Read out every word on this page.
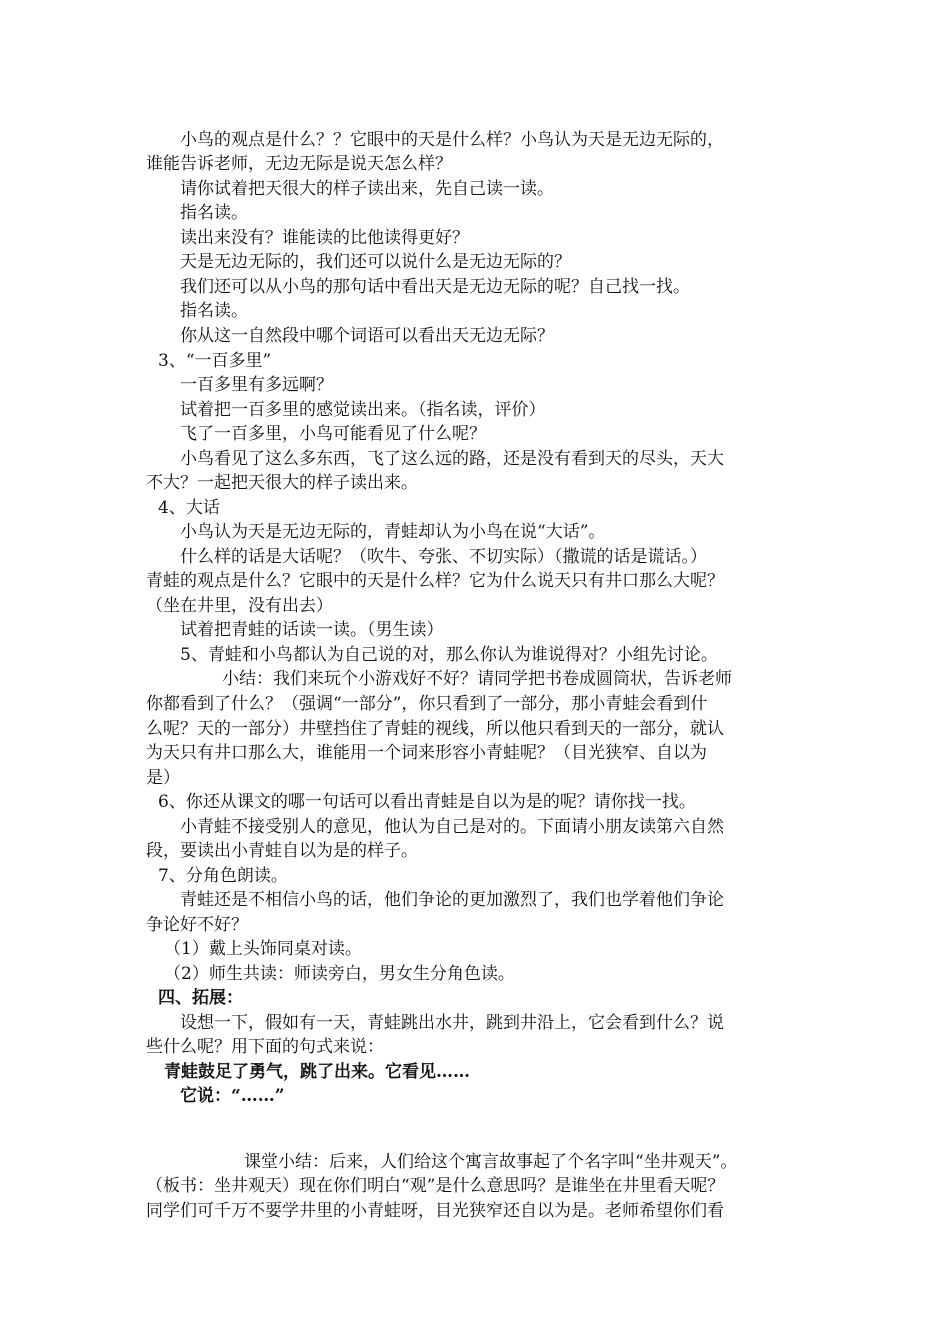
小鸟的观点是什么？？它眼中的天是什么样？小鸟认为天是无边无际的，
谁能告诉老师，无边无际是说天怎么样？
请你试着把天很大的样子读出来，先自己读一读。
指名读。
读出来没有？谁能读的比他读得更好？
天是无边无际的，我们还可以说什么是无边无际的？
我们还可以从小鸟的那句话中看出天是无边无际的呢？自己找一找。
指名读。
你从这一自然段中哪个词语可以看出天无边无际？
3、“一百多里”
一百多里有多远啊？
试着把一百多里的感觉读出来。（指名读，评价）
飞了一百多里，小鸟可能看见了什么呢？
小鸟看见了这么多东西，飞了这么远的路，还是没有看到天的尽头，天大
不大？一起把天很大的样子读出来。
4、大话
小鸟认为天是无边无际的，青蛙却认为小鸟在说“大话”。
什么样的话是大话呢？（吹牛、夸张、不切实际）（撒谎的话是谎话。）
青蛙的观点是什么？它眼中的天是什么样？它为什么说天只有井口那么大呢？
（坐在井里，没有出去）
试着把青蛙的话读一读。（男生读）
5、青蛙和小鸟都认为自己说的对，那么你认为谁说得对？小组先讨论。
小结：我们来玩个小游戏好不好？请同学把书卷成圆筒状，告诉老师
你都看到了什么？（强调“一部分”，你只看到了一部分，那小青蛙会看到什
么呢？天的一部分）井壁挡住了青蛙的视线，所以他只看到天的一部分，就认
为天只有井口那么大，谁能用一个词来形容小青蛙呢？（目光狭窄、自以为
是）
6、你还从课文的哪一句话可以看出青蛙是自以为是的呢？请你找一找。
小青蛙不接受别人的意见，他认为自己是对的。下面请小朋友读第六自然
段，要读出小青蛙自以为是的样子。
7、分角色朗读。
青蛙还是不相信小鸟的话，他们争论的更加激烈了，我们也学着他们争论
争论好不好？
（1）戴上头饰同桌对读。
（2）师生共读：师读旁白，男女生分角色读。
四、拓展：
设想一下，假如有一天，青蛙跳出水井，跳到井沿上，它会看到什么？说
些什么呢？用下面的句式来说：
青蛙鼓足了勇气，跳了出来。它看见……
它说：“……”
课堂小结：后来，人们给这个寓言故事起了个名字叫“坐井观天”。
（板书：坐井观天）现在你们明白“观”是什么意思吗？是谁坐在井里看天呢？
同学们可千万不要学井里的小青蛙呀，目光狭窄还自以为是。老师希望你们看
